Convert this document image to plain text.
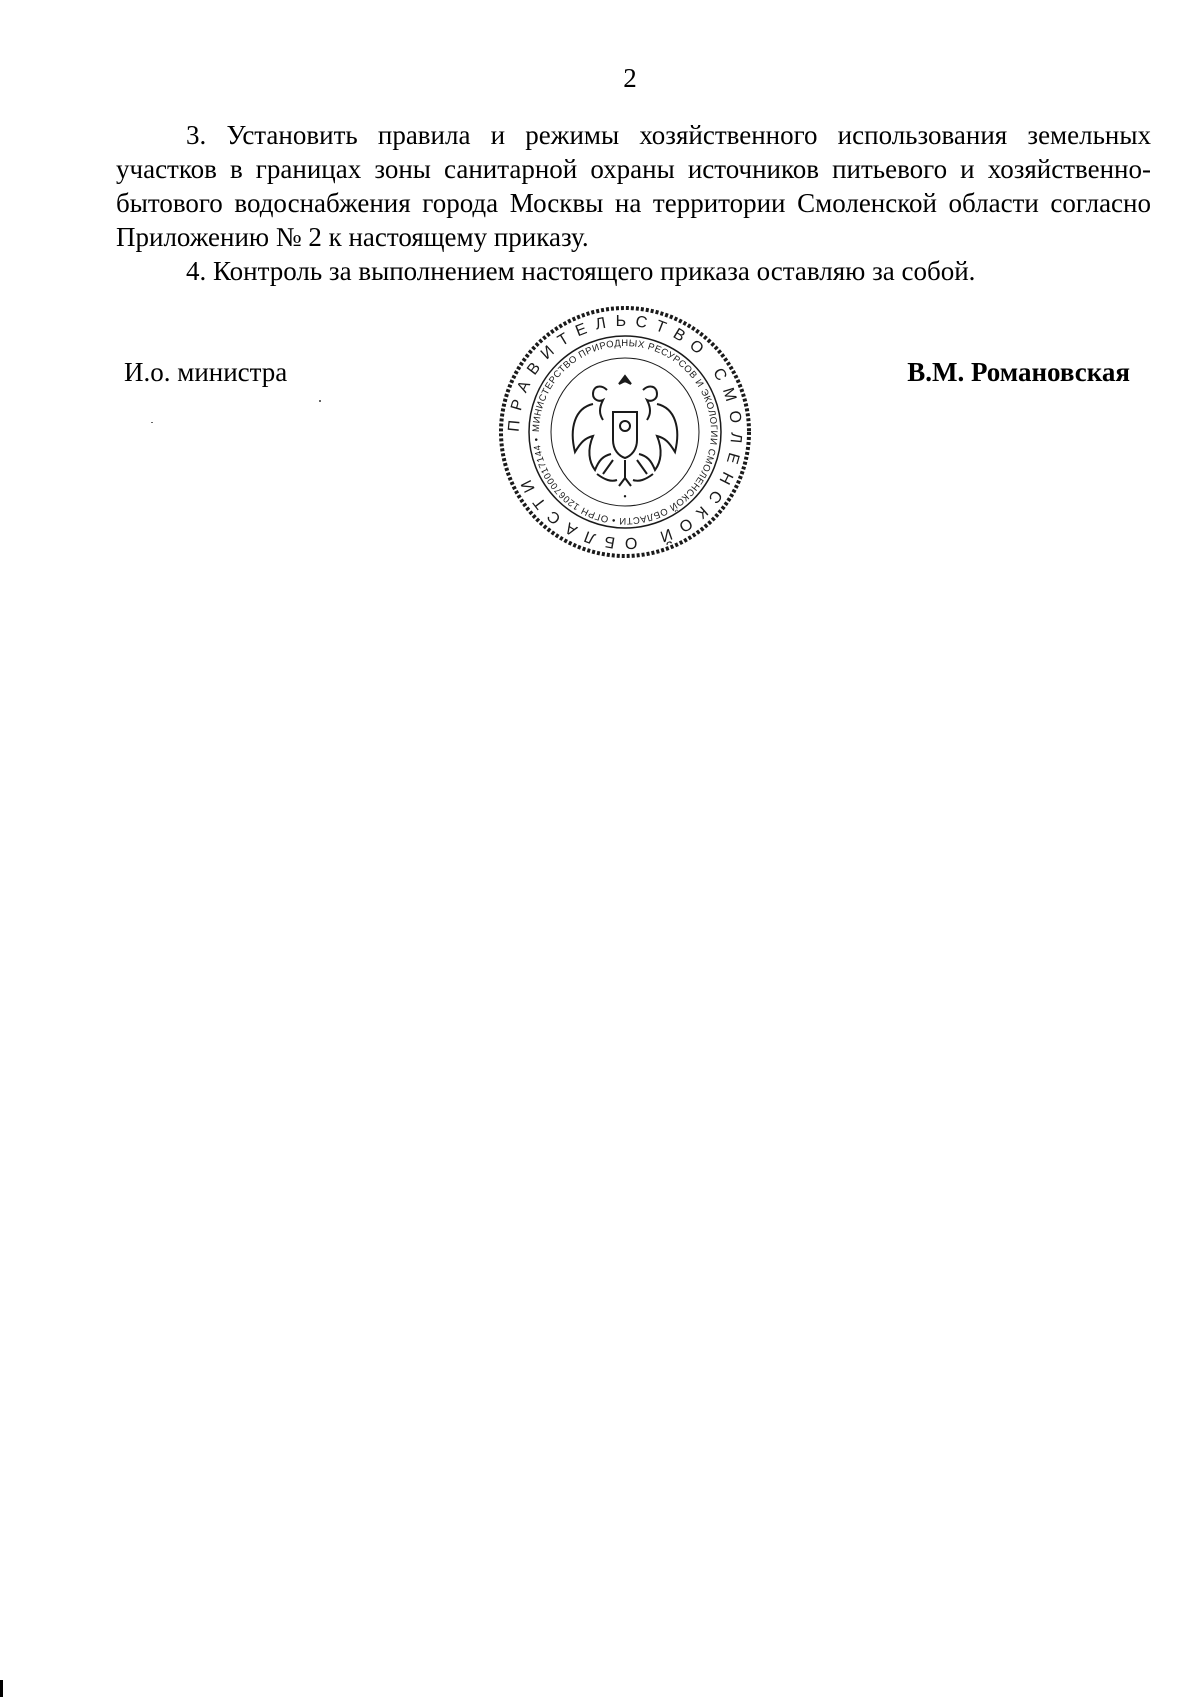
2

3. Установить правила и режимы хозяйственного использования земельных участков в границах зоны санитарной охраны источников питьевого и хозяйственно-бытового водоснабжения города Москвы на территории Смоленской области согласно Приложению № 2 к настоящему приказу.

4. Контроль за выполнением настоящего приказа оставляю за собой.

И.о. министра	В.М. Романовская
ПРАВИТЕЛЬСТВО СМОЛЕНСКОЙ ОБЛАСТИ
МИНИСТЕРСТВО ПРИРОДНЫХ РЕСУРСОВ И ЭКОЛОГИИ СМОЛЕНСКОЙ ОБЛАСТИ • ОГРН 1206700017144 •
•
